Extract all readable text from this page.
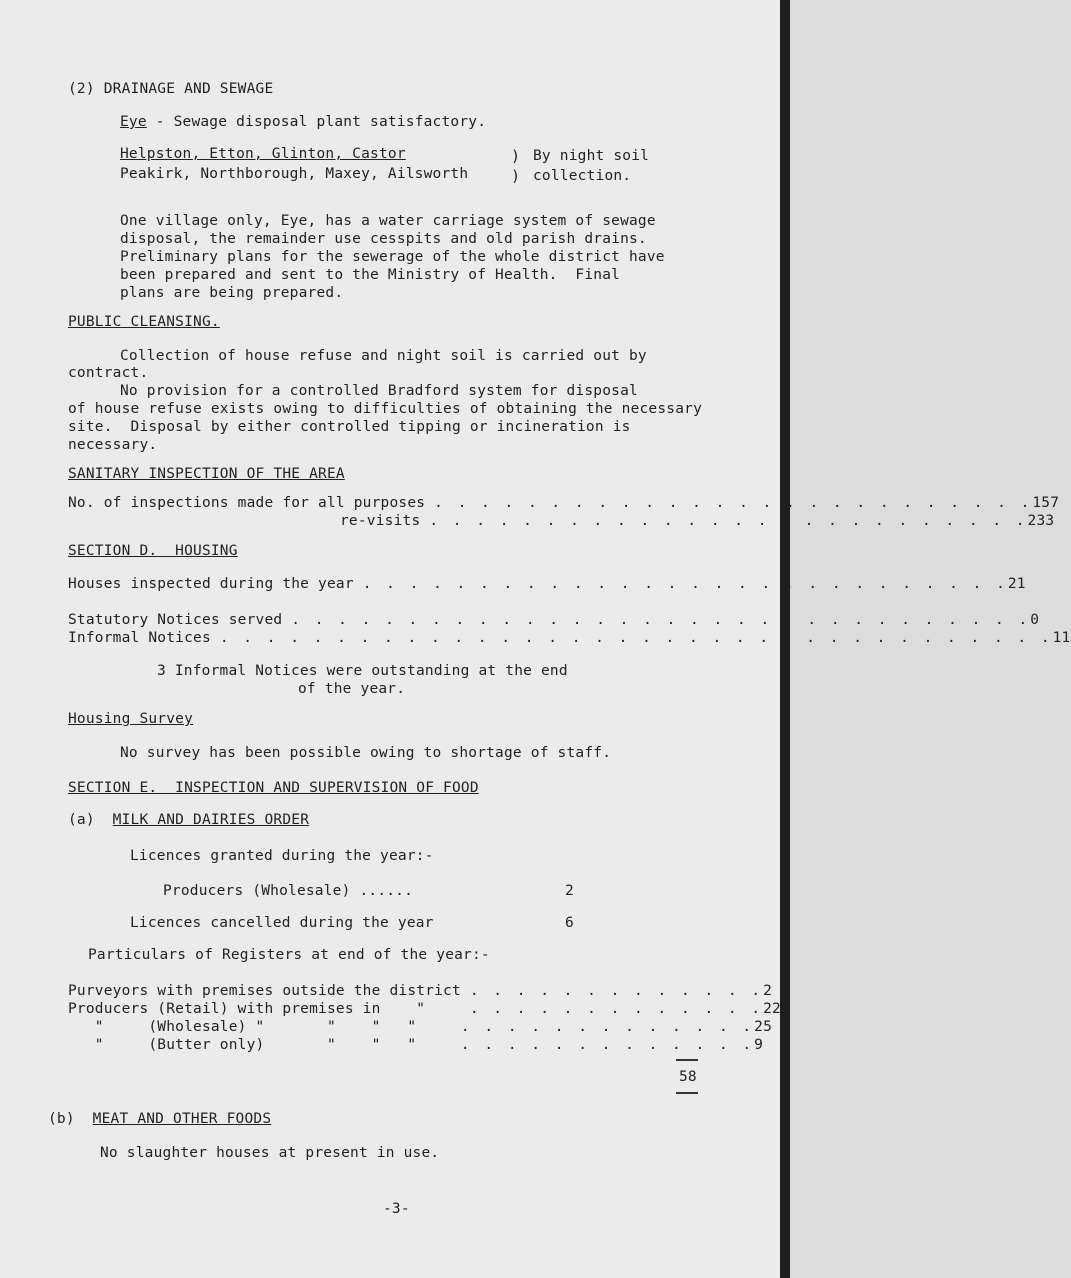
(2) DRAINAGE AND SEWAGE
Eye - Sewage disposal plant satisfactory.
Helpston, Etton, Glinton, Castor
Peakirk, Northborough, Maxey, Ailsworth
)
)
By night soil
collection.
One village only, Eye, has a water carriage system of sewage
disposal, the remainder use cesspits and old parish drains.
Preliminary plans for the sewerage of the whole district have
been prepared and sent to the Ministry of Health.  Final
plans are being prepared.
PUBLIC CLEANSING.
Collection of house refuse and night soil is carried out by
contract.
No provision for a controlled Bradford system for disposal
of house refuse exists owing to difficulties of obtaining the necessary
site.  Disposal by either controlled tipping or incineration is
necessary.
SANITARY INSPECTION OF THE AREA
No. of inspections made for all purposes . . . . . . . . . . . . . . . . . . . . . . . . . . 157
re-visits . . . . . . . . . . . . . . . . . . . . . . . . . . 233
SECTION D.  HOUSING
Houses inspected during the year . . . . . . . . . . . . . . . . . . . . . . . . . . . . 21
Statutory Notices served . . . . . . . . . . . . . . . . . . . . . . . . . . . . . . . . 0
Informal Notices . . . . . . . . . . . . . . . . . . . . . . . . . . . . . . . . . . . . 11
3 Informal Notices were outstanding at the end
of the year.
Housing Survey
No survey has been possible owing to shortage of staff.
SECTION E.  INSPECTION AND SUPERVISION OF FOOD
(a) MILK AND DAIRIES ORDER
Licences granted during the year:-
Producers (Wholesale) ......	2
Licences cancelled during the year	6
Particulars of Registers at end of the year:-
Purveyors with premises outside the district . . . . . . . . . . . . . 2
Producers (Retail) with premises in    " . . . . . . . . . . . . . 22
"     (Wholesale) "       "    "   " . . . . . . . . . . . . . 25
"     (Butter only)       "    "   " . . . . . . . . . . . . . 9
58
(b) MEAT AND OTHER FOODS
No slaughter houses at present in use.
-3-
